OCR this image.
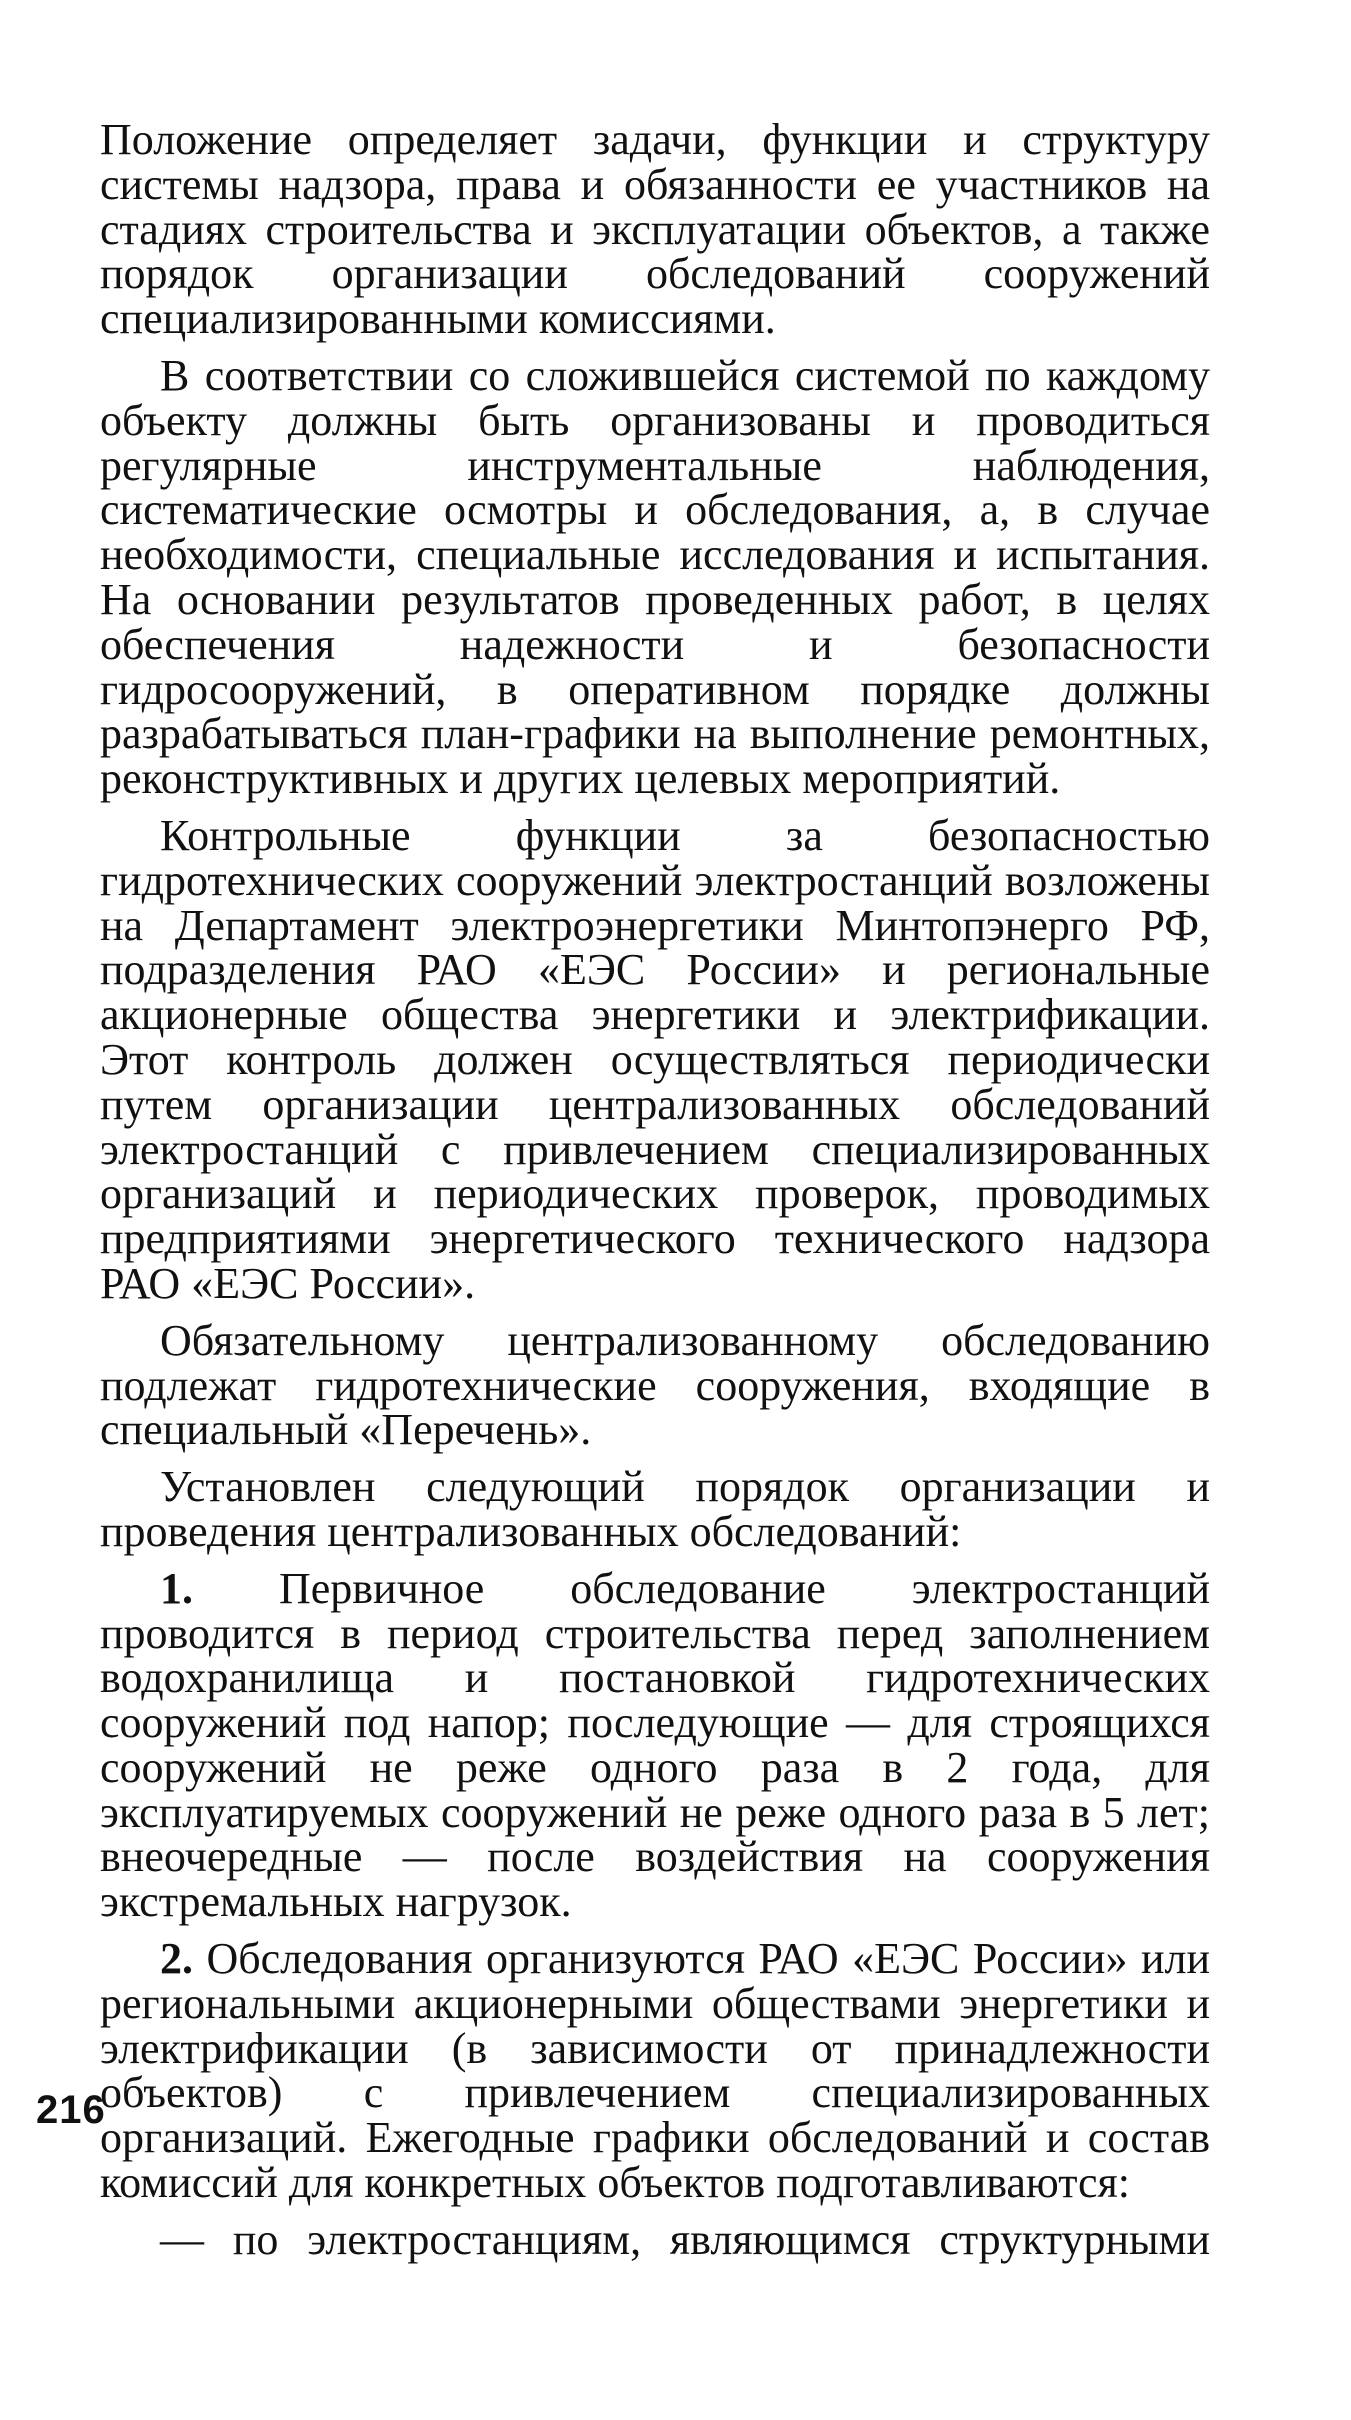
Положение определяет задачи, функции и структуру системы надзора, права и обязанности ее участников на стадиях строительства и эксплуатации объектов, а также порядок организации обследований сооружений специализированными комиссиями.

В соответствии со сложившейся системой по каждому объекту должны быть организованы и проводиться регулярные инструментальные наблюдения, систематические осмотры и обследования, а, в случае необходимости, специальные исследования и испытания. На основании результатов проведенных работ, в целях обеспечения надежности и безопасности гидросооружений, в оперативном порядке должны разрабатываться план-графики на выполнение ремонтных, реконструктивных и других целевых мероприятий.

Контрольные функции за безопасностью гидротехнических сооружений электростанций возложены на Департамент электроэнергетики Минтопэнерго РФ, подразделения РАО «ЕЭС России» и региональные акционерные общества энергетики и электрификации. Этот контроль должен осуществляться периодически путем организации централизованных обследований электростанций с привлечением специализированных организаций и периодических проверок, проводимых предприятиями энергетического технического надзора РАО «ЕЭС России».

Обязательному централизованному обследованию подлежат гидротехнические сооружения, входящие в специальный «Перечень».

Установлен следующий порядок организации и проведения централизованных обследований:

1. Первичное обследование электростанций проводится в период строительства перед заполнением водохранилища и постановкой гидротехнических сооружений под напор; последующие — для строящихся сооружений не реже одного раза в 2 года, для эксплуатируемых сооружений не реже одного раза в 5 лет; внеочередные — после воздействия на сооружения экстремальных нагрузок.

2. Обследования организуются РАО «ЕЭС России» или региональными акционерными обществами энергетики и электрификации (в зависимости от принадлежности объектов) с привлечением специализированных организаций. Ежегодные графики обследований и состав комиссий для конкретных объектов подготавливаются:

— по электростанциям, являющимся структурными

216
